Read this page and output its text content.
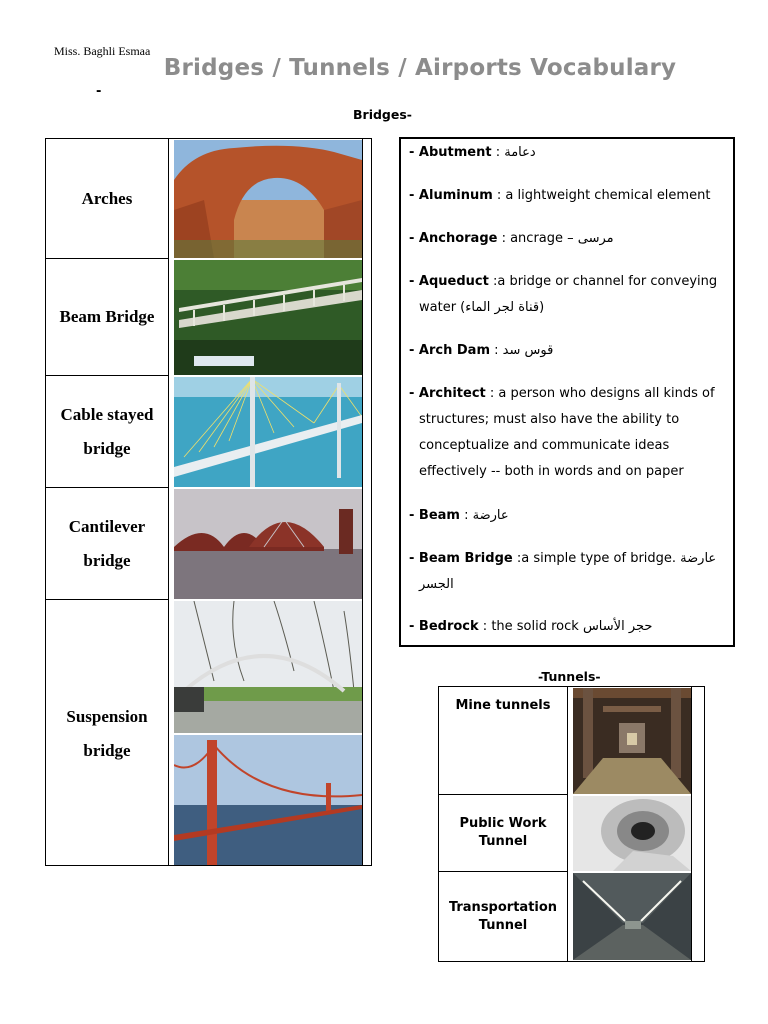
Miss. Baghli Esmaa
Bridges / Tunnels / Airports Vocabulary
-
Bridges-
Arches
Beam Bridge
Cable stayed bridge
Cantilever bridge
Suspension bridge
- Abutment : دعامة
- Aluminum : a lightweight chemical element
- Anchorage : ancrage – مرسى
- Aqueduct :a bridge or channel for conveying water (قناة لجر الماء)
- Arch Dam : قوس سد
- Architect : a person who designs all kinds of structures; must also have the ability to conceptualize and communicate ideas effectively -- both in words and on paper
- Beam : عارضة
- Beam Bridge :a simple type of bridge. عارضة الجسر
- Bedrock : the solid rock حجر الأساس
-Tunnels-
Mine tunnels
Public Work Tunnel
Transportation Tunnel
